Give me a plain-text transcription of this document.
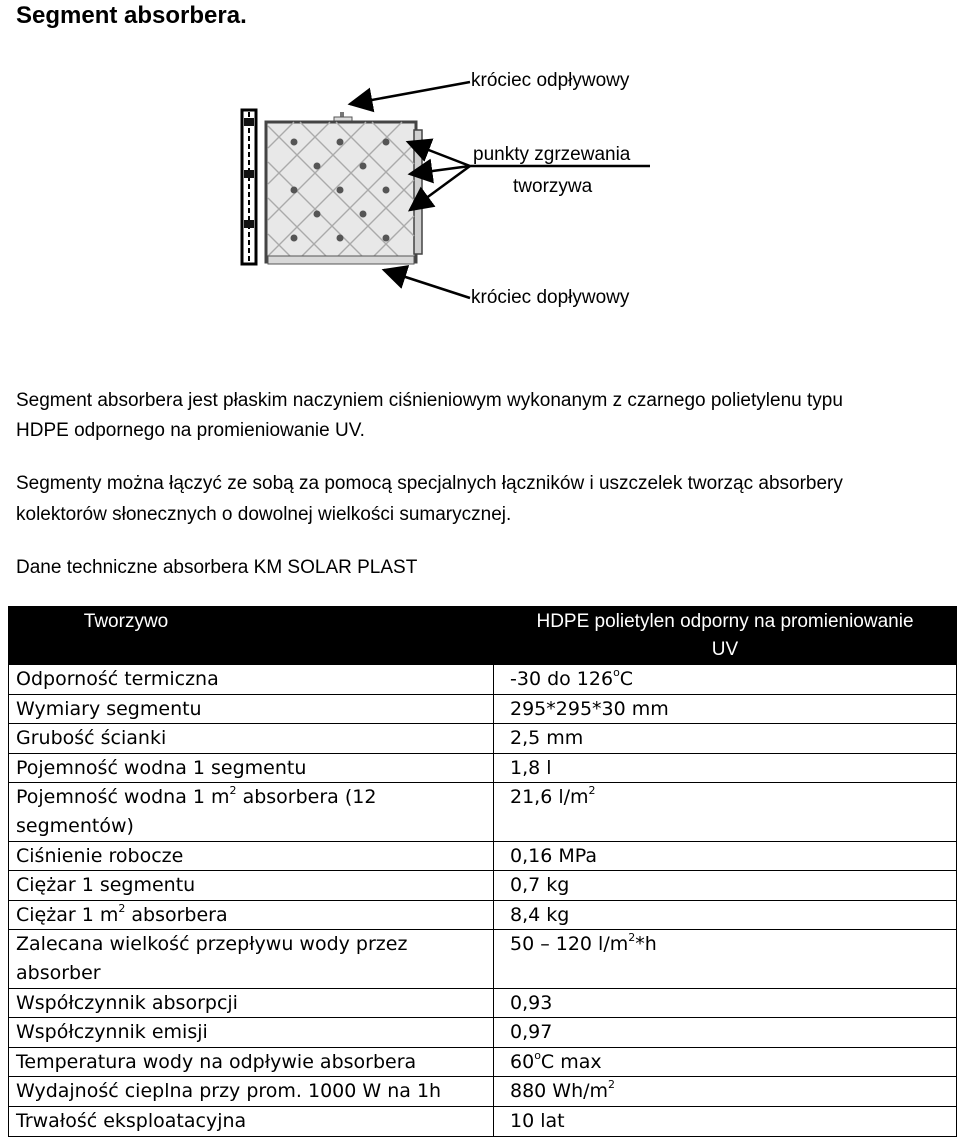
Segment absorbera.
króciec odpływowy
punkty zgrzewania
tworzywa
króciec dopływowy

Segment absorbera jest płaskim naczyniem ciśnieniowym wykonanym z czarnego polietylenu typu

HDPE odpornego na promieniowanie UV.

Segmenty można łączyć ze sobą za pomocą specjalnych łączników i uszczelek tworząc absorbery

kolektorów słonecznych o dowolnej wielkości sumarycznej.

Dane techniczne absorbera KM SOLAR PLAST
Tworzywo	HDPE polietylen odporny na promieniowanie
UV
Odporność termiczna	-30 do 126$^o$C
Wymiary segmentu	295*295*30 mm
Grubość ścianki	2,5 mm
Pojemność wodna 1 segmentu	1,8 l
Pojemność wodna 1 $m^2$ absorbera (12
segmentów)	21,6 $l/m^2$
Ciśnienie robocze	0,16 MPa
Ciężar 1 segmentu	0,7 kg
Ciężar 1 $m^2$ absorbera	8,4 kg
Zalecana wielkość przepływu wody przez absorber	50 – 120 $l/m^2*h$
Współczynnik absorpcji	0,93
Współczynnik emisji	0,97
Temperatura wody na odpływie absorbera	60$^o$C max
Wydajność cieplna przy prom. 1000 W na 1h	880 $Wh/m^2$
Trwałość eksploatacyjna	10 lat
